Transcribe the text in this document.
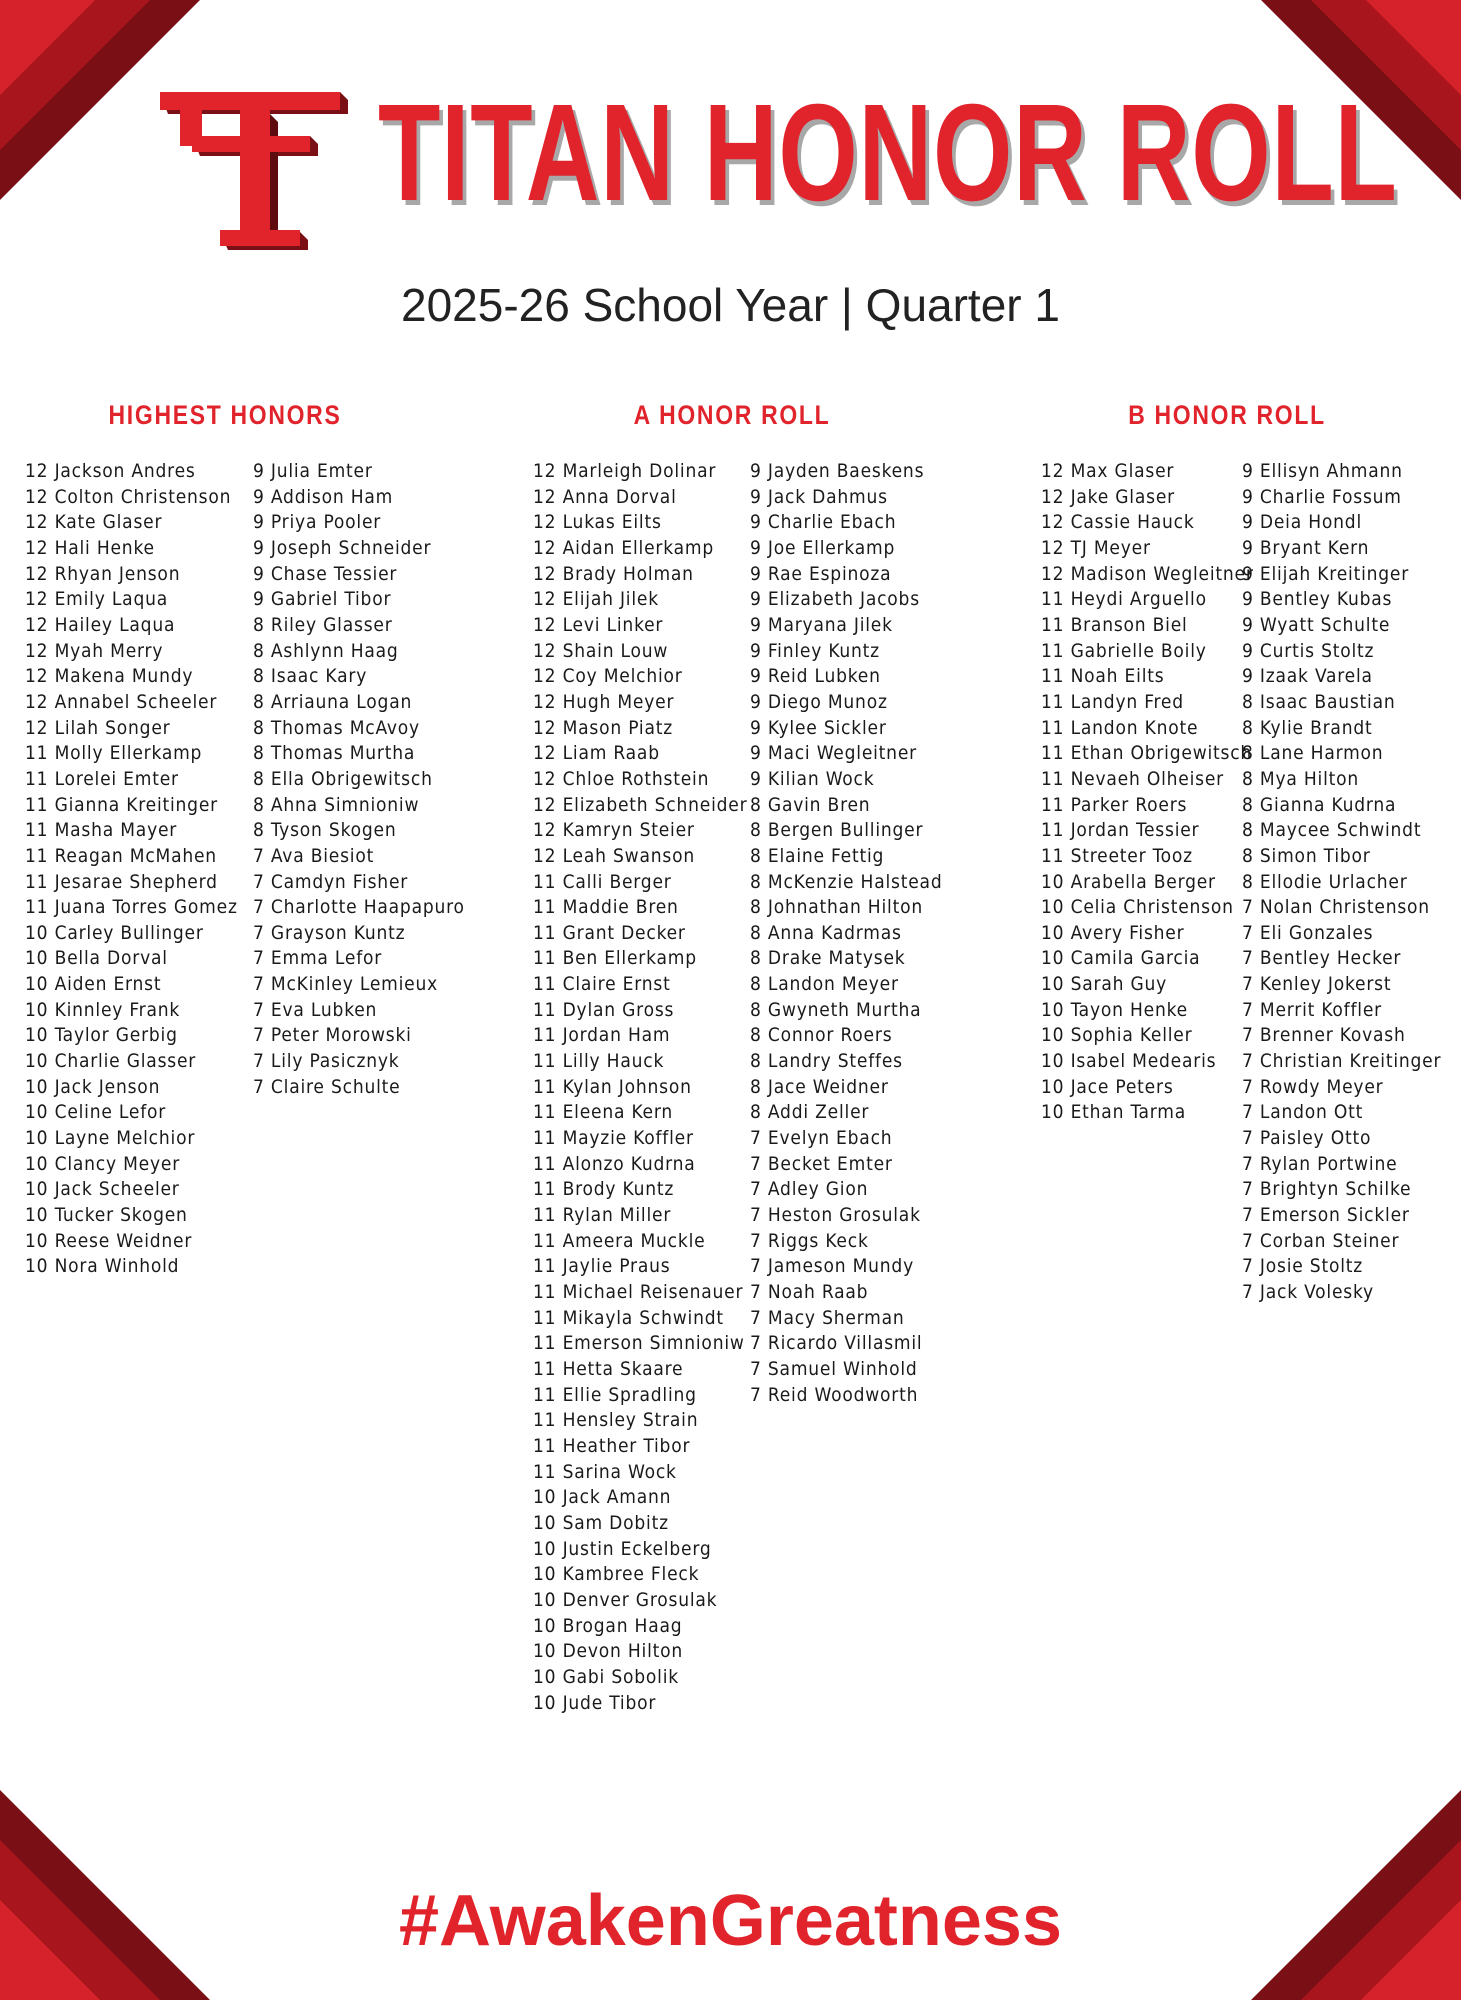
TITAN HONOR ROLL
2025-26 School Year | Quarter 1
HIGHEST HONORS	A HONOR ROLL	B HONOR ROLL
12 Jackson Andres
12 Colton Christenson
12 Kate Glaser
12 Hali Henke
12 Rhyan Jenson
12 Emily Laqua
12 Hailey Laqua
12 Myah Merry
12 Makena Mundy
12 Annabel Scheeler
12 Lilah Songer
11 Molly Ellerkamp
11 Lorelei Emter
11 Gianna Kreitinger
11 Masha Mayer
11 Reagan McMahen
11 Jesarae Shepherd
11 Juana Torres Gomez
10 Carley Bullinger
10 Bella Dorval
10 Aiden Ernst
10 Kinnley Frank
10 Taylor Gerbig
10 Charlie Glasser
10 Jack Jenson
10 Celine Lefor
10 Layne Melchior
10 Clancy Meyer
10 Jack Scheeler
10 Tucker Skogen
10 Reese Weidner
10 Nora Winhold
9 Julia Emter
9 Addison Ham
9 Priya Pooler
9 Joseph Schneider
9 Chase Tessier
9 Gabriel Tibor
8 Riley Glasser
8 Ashlynn Haag
8 Isaac Kary
8 Arriauna Logan
8 Thomas McAvoy
8 Thomas Murtha
8 Ella Obrigewitsch
8 Ahna Simnioniw
8 Tyson Skogen
7 Ava Biesiot
7 Camdyn Fisher
7 Charlotte Haapapuro
7 Grayson Kuntz
7 Emma Lefor
7 McKinley Lemieux
7 Eva Lubken
7 Peter Morowski
7 Lily Pasicznyk
7 Claire Schulte
12 Marleigh Dolinar
12 Anna Dorval
12 Lukas Eilts
12 Aidan Ellerkamp
12 Brady Holman
12 Elijah Jilek
12 Levi Linker
12 Shain Louw
12 Coy Melchior
12 Hugh Meyer
12 Mason Piatz
12 Liam Raab
12 Chloe Rothstein
12 Elizabeth Schneider
12 Kamryn Steier
12 Leah Swanson
11 Calli Berger
11 Maddie Bren
11 Grant Decker
11 Ben Ellerkamp
11 Claire Ernst
11 Dylan Gross
11 Jordan Ham
11 Lilly Hauck
11 Kylan Johnson
11 Eleena Kern
11 Mayzie Koffler
11 Alonzo Kudrna
11 Brody Kuntz
11 Rylan Miller
11 Ameera Muckle
11 Jaylie Praus
11 Michael Reisenauer
11 Mikayla Schwindt
11 Emerson Simnioniw
11 Hetta Skaare
11 Ellie Spradling
11 Hensley Strain
11 Heather Tibor
11 Sarina Wock
10 Jack Amann
10 Sam Dobitz
10 Justin Eckelberg
10 Kambree Fleck
10 Denver Grosulak
10 Brogan Haag
10 Devon Hilton
10 Gabi Sobolik
10 Jude Tibor
9 Jayden Baeskens
9 Jack Dahmus
9 Charlie Ebach
9 Joe Ellerkamp
9 Rae Espinoza
9 Elizabeth Jacobs
9 Maryana Jilek
9 Finley Kuntz
9 Reid Lubken
9 Diego Munoz
9 Kylee Sickler
9 Maci Wegleitner
9 Kilian Wock
8 Gavin Bren
8 Bergen Bullinger
8 Elaine Fettig
8 McKenzie Halstead
8 Johnathan Hilton
8 Anna Kadrmas
8 Drake Matysek
8 Landon Meyer
8 Gwyneth Murtha
8 Connor Roers
8 Landry Steffes
8 Jace Weidner
8 Addi Zeller
7 Evelyn Ebach
7 Becket Emter
7 Adley Gion
7 Heston Grosulak
7 Riggs Keck
7 Jameson Mundy
7 Noah Raab
7 Macy Sherman
7 Ricardo Villasmil
7 Samuel Winhold
7 Reid Woodworth
12 Max Glaser
12 Jake Glaser
12 Cassie Hauck
12 TJ Meyer
12 Madison Wegleitner
11 Heydi Arguello
11 Branson Biel
11 Gabrielle Boily
11 Noah Eilts
11 Landyn Fred
11 Landon Knote
11 Ethan Obrigewitsch
11 Nevaeh Olheiser
11 Parker Roers
11 Jordan Tessier
11 Streeter Tooz
10 Arabella Berger
10 Celia Christenson
10 Avery Fisher
10 Camila Garcia
10 Sarah Guy
10 Tayon Henke
10 Sophia Keller
10 Isabel Medearis
10 Jace Peters
10 Ethan Tarma
9 Ellisyn Ahmann
9 Charlie Fossum
9 Deia Hondl
9 Bryant Kern
9 Elijah Kreitinger
9 Bentley Kubas
9 Wyatt Schulte
9 Curtis Stoltz
9 Izaak Varela
8 Isaac Baustian
8 Kylie Brandt
8 Lane Harmon
8 Mya Hilton
8 Gianna Kudrna
8 Maycee Schwindt
8 Simon Tibor
8 Ellodie Urlacher
7 Nolan Christenson
7 Eli Gonzales
7 Bentley Hecker
7 Kenley Jokerst
7 Merrit Koffler
7 Brenner Kovash
7 Christian Kreitinger
7 Rowdy Meyer
7 Landon Ott
7 Paisley Otto
7 Rylan Portwine
7 Brightyn Schilke
7 Emerson Sickler
7 Corban Steiner
7 Josie Stoltz
7 Jack Volesky
#AwakenGreatness
